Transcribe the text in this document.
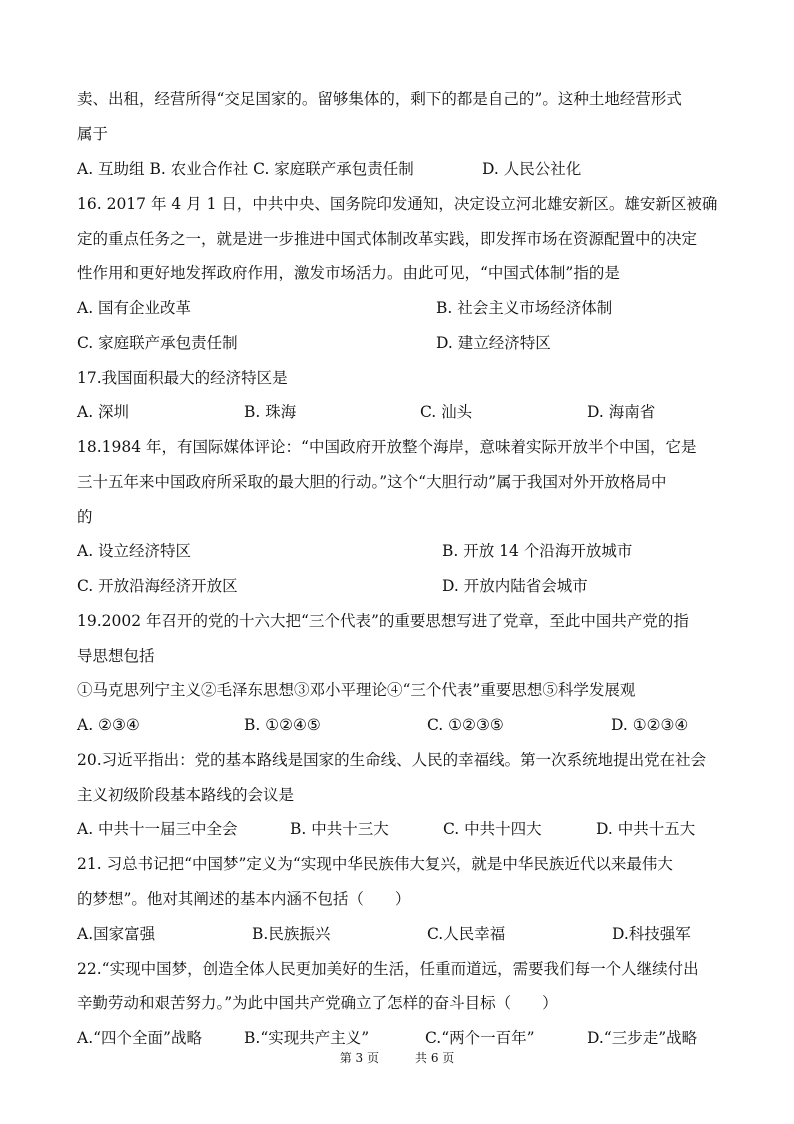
卖、出租，经营所得“交足国家的。留够集体的，剩下的都是自己的”。这种土地经营形式
属于
A. 互助组 B. 农业合作社 C. 家庭联产承包责任制	D. 人民公社化
16. 2017 年 4 月 1 日，中共中央、国务院印发通知，决定设立河北雄安新区。雄安新区被确
定的重点任务之一，就是进一步推进中国式体制改革实践，即发挥市场在资源配置中的决定
性作用和更好地发挥政府作用，激发市场活力。由此可见，“中国式体制”指的是
A. 国有企业改革	B. 社会主义市场经济体制
C. 家庭联产承包责任制	D. 建立经济特区
17.我国面积最大的经济特区是
A. 深圳	B. 珠海	C. 汕头	D. 海南省
18.1984 年，有国际媒体评论：“中国政府开放整个海岸，意味着实际开放半个中国，它是
三十五年来中国政府所采取的最大胆的行动。”这个“大胆行动”属于我国对外开放格局中
的
A. 设立经济特区	B. 开放 14 个沿海开放城市
C. 开放沿海经济开放区	D. 开放内陆省会城市
19.2002 年召开的党的十六大把“三个代表”的重要思想写进了党章，至此中国共产党的指
导思想包括
①马克思列宁主义②毛泽东思想③邓小平理论④“三个代表”重要思想⑤科学发展观
A. ②③④	B. ①②④⑤	C. ①②③⑤	D. ①②③④
20.习近平指出：党的基本路线是国家的生命线、人民的幸福线。第一次系统地提出党在社会
主义初级阶段基本路线的会议是
A. 中共十一届三中全会	B. 中共十三大	C. 中共十四大	D. 中共十五大
21. 习总书记把“中国梦”定义为“实现中华民族伟大复兴，就是中华民族近代以来最伟大
的梦想”。他对其阐述的基本内涵不包括（　　）
A.国家富强	B.民族振兴	C.人民幸福	D.科技强军
22.“实现中国梦，创造全体人民更加美好的生活，任重而道远，需要我们每一个人继续付出
辛勤劳动和艰苦努力。”为此中国共产党确立了怎样的奋斗目标（　　）
A.“四个全面”战略	B.“实现共产主义”	C.“两个一百年”	D.“三步走”战略
第 3 页	共 6 页
